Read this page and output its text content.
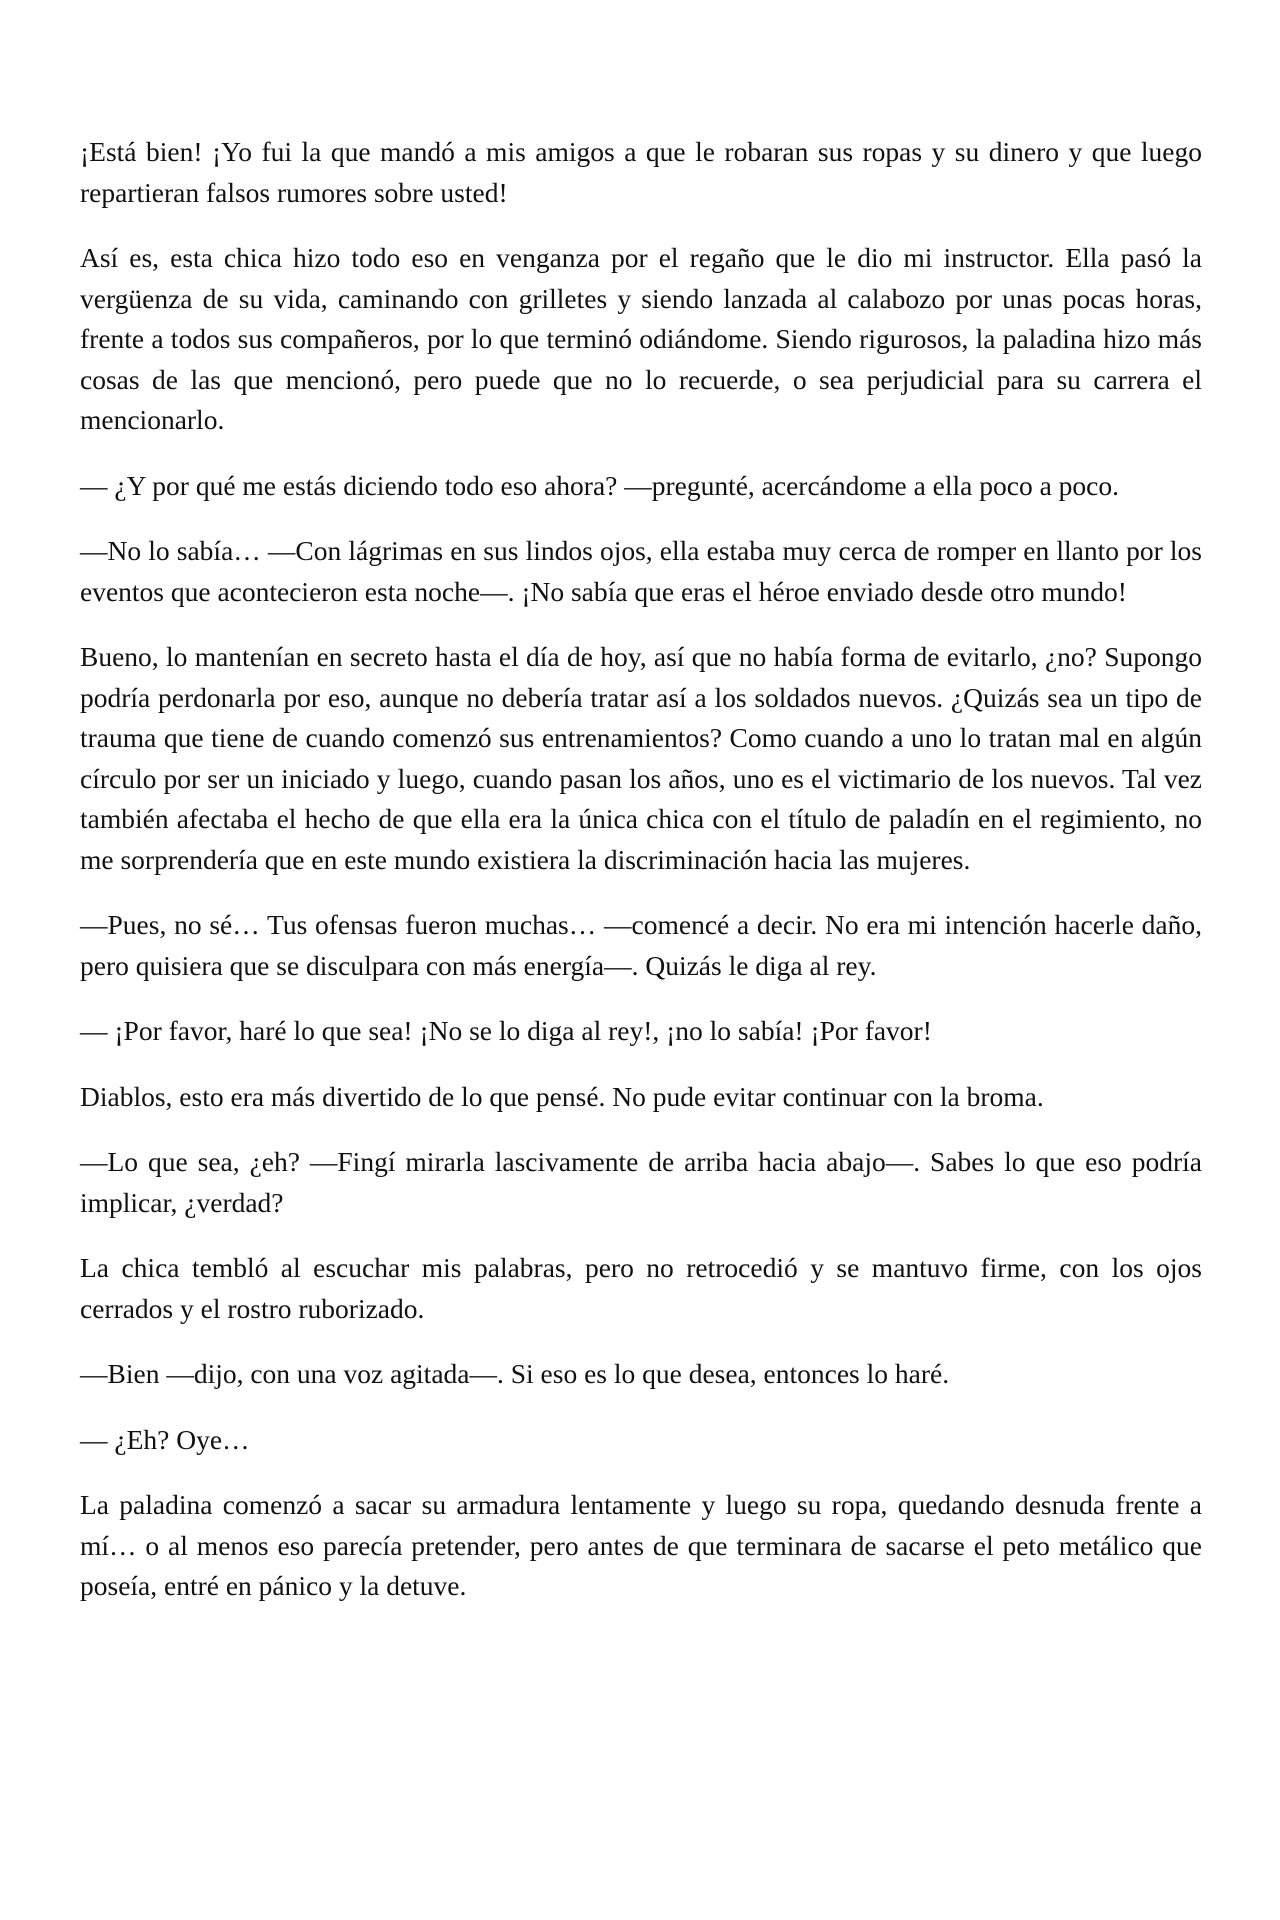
¡Está bien! ¡Yo fui la que mandó a mis amigos a que le robaran sus ropas y su dinero y que luego repartieran falsos rumores sobre usted!

Así es, esta chica hizo todo eso en venganza por el regaño que le dio mi instructor. Ella pasó la vergüenza de su vida, caminando con grilletes y siendo lanzada al calabozo por unas pocas horas, frente a todos sus compañeros, por lo que terminó odiándome. Siendo rigurosos, la paladina hizo más cosas de las que mencionó, pero puede que no lo recuerde, o sea perjudicial para su carrera el mencionarlo.

— ¿Y por qué me estás diciendo todo eso ahora? —pregunté, acercándome a ella poco a poco.

—No lo sabía… —Con lágrimas en sus lindos ojos, ella estaba muy cerca de romper en llanto por los eventos que acontecieron esta noche—. ¡No sabía que eras el héroe enviado desde otro mundo!

Bueno, lo mantenían en secreto hasta el día de hoy, así que no había forma de evitarlo, ¿no? Supongo podría perdonarla por eso, aunque no debería tratar así a los soldados nuevos. ¿Quizás sea un tipo de trauma que tiene de cuando comenzó sus entrenamientos? Como cuando a uno lo tratan mal en algún círculo por ser un iniciado y luego, cuando pasan los años, uno es el victimario de los nuevos. Tal vez también afectaba el hecho de que ella era la única chica con el título de paladín en el regimiento, no me sorprendería que en este mundo existiera la discriminación hacia las mujeres.

—Pues, no sé… Tus ofensas fueron muchas… —comencé a decir. No era mi intención hacerle daño, pero quisiera que se disculpara con más energía—. Quizás le diga al rey.

— ¡Por favor, haré lo que sea! ¡No se lo diga al rey!, ¡no lo sabía! ¡Por favor!

Diablos, esto era más divertido de lo que pensé. No pude evitar continuar con la broma.

—Lo que sea, ¿eh? —Fingí mirarla lascivamente de arriba hacia abajo—. Sabes lo que eso podría implicar, ¿verdad?

La chica tembló al escuchar mis palabras, pero no retrocedió y se mantuvo firme, con los ojos cerrados y el rostro ruborizado.

—Bien —dijo, con una voz agitada—. Si eso es lo que desea, entonces lo haré.

— ¿Eh? Oye…

La paladina comenzó a sacar su armadura lentamente y luego su ropa, quedando desnuda frente a mí… o al menos eso parecía pretender, pero antes de que terminara de sacarse el peto metálico que poseía, entré en pánico y la detuve.
